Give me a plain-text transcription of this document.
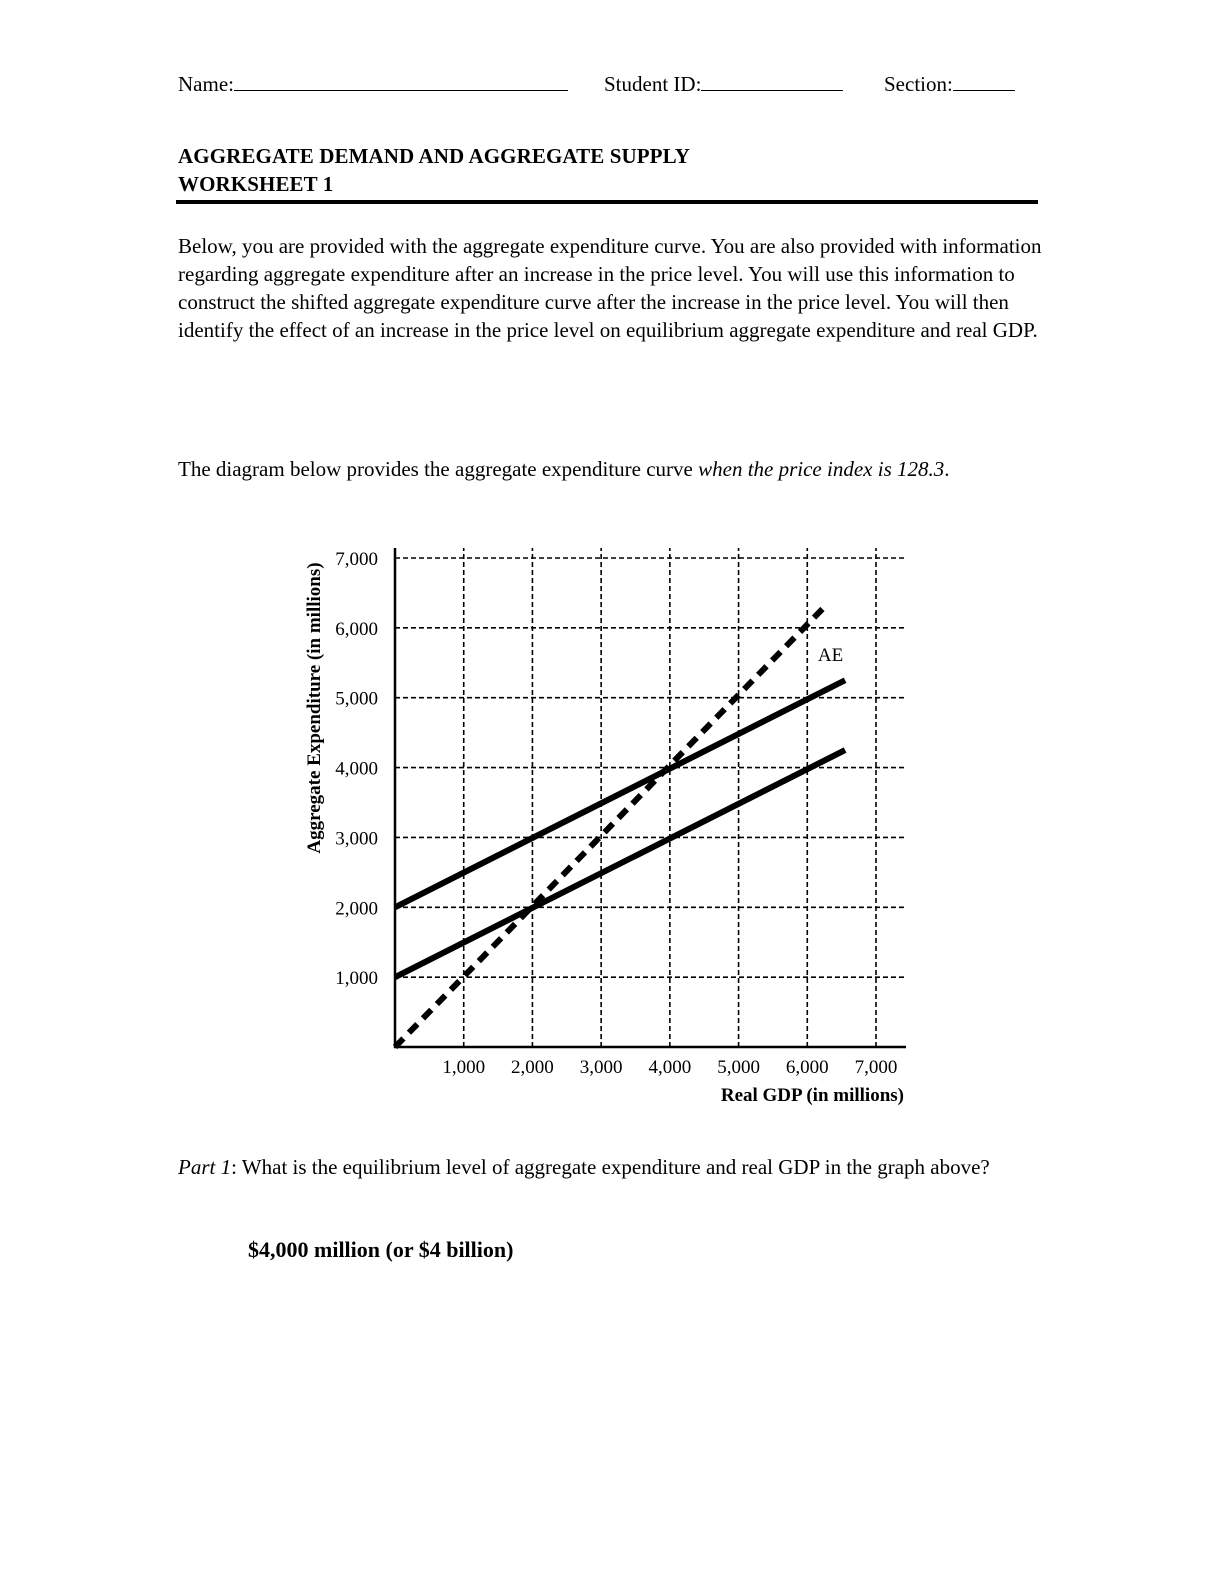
Name:	Student ID:	Section:
AGGREGATE DEMAND AND AGGREGATE SUPPLY
WORKSHEET 1
Below, you are provided with the aggregate expenditure curve. You are also provided with information regarding aggregate expenditure after an increase in the price level. You will use this information to construct the shifted aggregate expenditure curve after the increase in the price level. You will then identify the effect of an increase in the price level on equilibrium aggregate expenditure and real GDP.
The diagram below provides the aggregate expenditure curve when the price index is 128.3.
1,000
2,000
3,000
4,000
5,000
6,000
7,000
1,000 2,000 3,000 4,000 5,000 6,000 7,000
Real GDP (in millions)
Aggregate Expenditure (in millions)	AE
Part 1: What is the equilibrium level of aggregate expenditure and real GDP in the graph above?
$4,000 million (or $4 billion)
